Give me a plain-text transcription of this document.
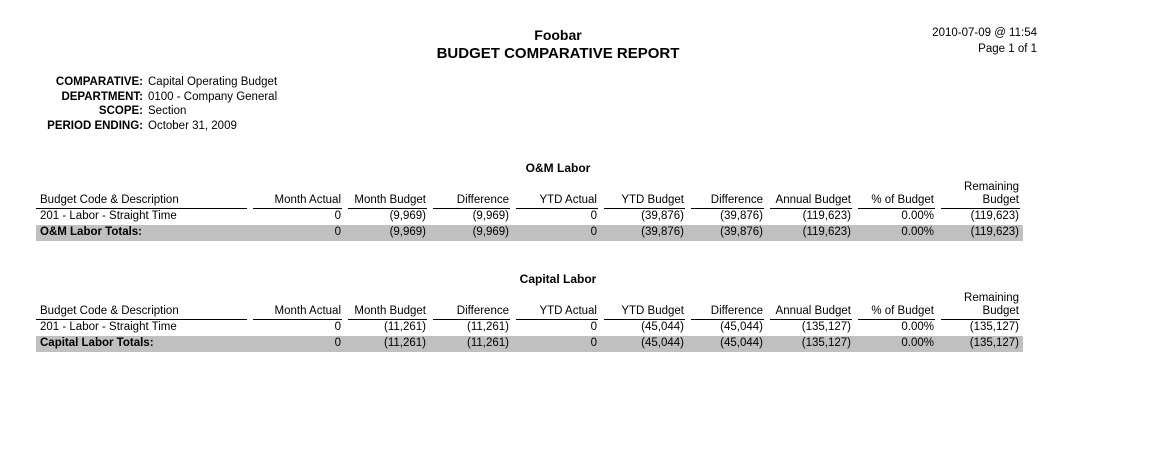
Foobar
BUDGET COMPARATIVE REPORT
2010-07-09 @ 11:54
Page 1 of 1
COMPARATIVE: Capital Operating Budget
DEPARTMENT: 0100 - Company General
SCOPE: Section
PERIOD ENDING: October 31, 2009
O&M Labor
Budget Code & Description	Month Actual	Month Budget	Difference	YTD Actual	YTD Budget	Difference	Annual Budget	% of Budget	Remaining
Budget

201 - Labor - Straight Time	0	(9,969)	(9,969)	0	(39,876)	(39,876)	(119,623)	0.00%	(119,623)
O&M Labor Totals:	0	(9,969)	(9,969)	0	(39,876)	(39,876)	(119,623)	0.00%	(119,623)
Capital Labor
Budget Code & Description	Month Actual	Month Budget	Difference	YTD Actual	YTD Budget	Difference	Annual Budget	% of Budget	Remaining
Budget

201 - Labor - Straight Time	0	(11,261)	(11,261)	0	(45,044)	(45,044)	(135,127)	0.00%	(135,127)
Capital Labor Totals:	0	(11,261)	(11,261)	0	(45,044)	(45,044)	(135,127)	0.00%	(135,127)
